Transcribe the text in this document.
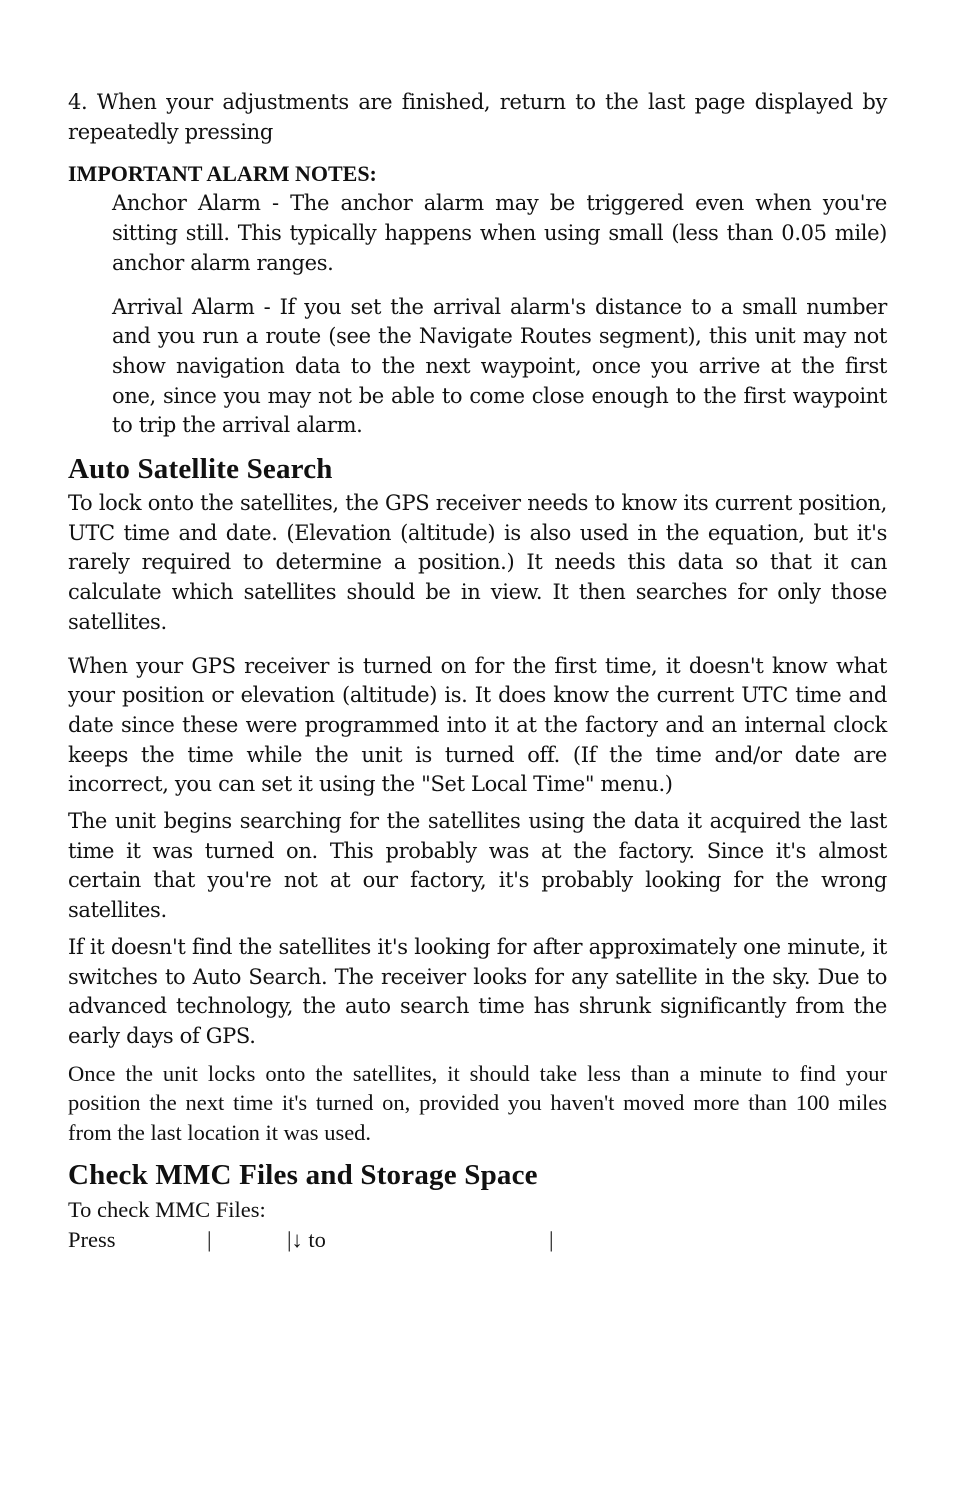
4. When your adjustments are finished, return to the last page displayed by repeatedly pressing

IMPORTANT ALARM NOTES:

Anchor Alarm - The anchor alarm may be triggered even when you're sitting still. This typically happens when using small (less than 0.05 mile) anchor alarm ranges.

Arrival Alarm - If you set the arrival alarm's distance to a small number and you run a route (see the Navigate Routes segment), this unit may not show navigation data to the next waypoint, once you arrive at the first one, since you may not be able to come close enough to the first waypoint to trip the arrival alarm.

Auto Satellite Search

To lock onto the satellites, the GPS receiver needs to know its current position, UTC time and date. (Elevation (altitude) is also used in the equation, but it's rarely required to determine a position.) It needs this data so that it can calculate which satellites should be in view. It then searches for only those satellites.

When your GPS receiver is turned on for the first time, it doesn't know what your position or elevation (altitude) is. It does know the current UTC time and date since these were programmed into it at the factory and an internal clock keeps the time while the unit is turned off. (If the time and/or date are incorrect, you can set it using the "Set Local Time" menu.)

The unit begins searching for the satellites using the data it acquired the last time it was turned on. This probably was at the factory. Since it's almost certain that you're not at our factory, it's probably looking for the wrong satellites.

If it doesn't find the satellites it's looking for after approximately one minute, it switches to Auto Search. The receiver looks for any satellite in the sky. Due to advanced technology, the auto search time has shrunk significantly from the early days of GPS.

Once the unit locks onto the satellites, it should take less than a minute to find your position the next time it's turned on, provided you haven't moved more than 100 miles from the last location it was used.

Check MMC Files and Storage Space

To check MMC Files:

Press	|	|↓ to	|
